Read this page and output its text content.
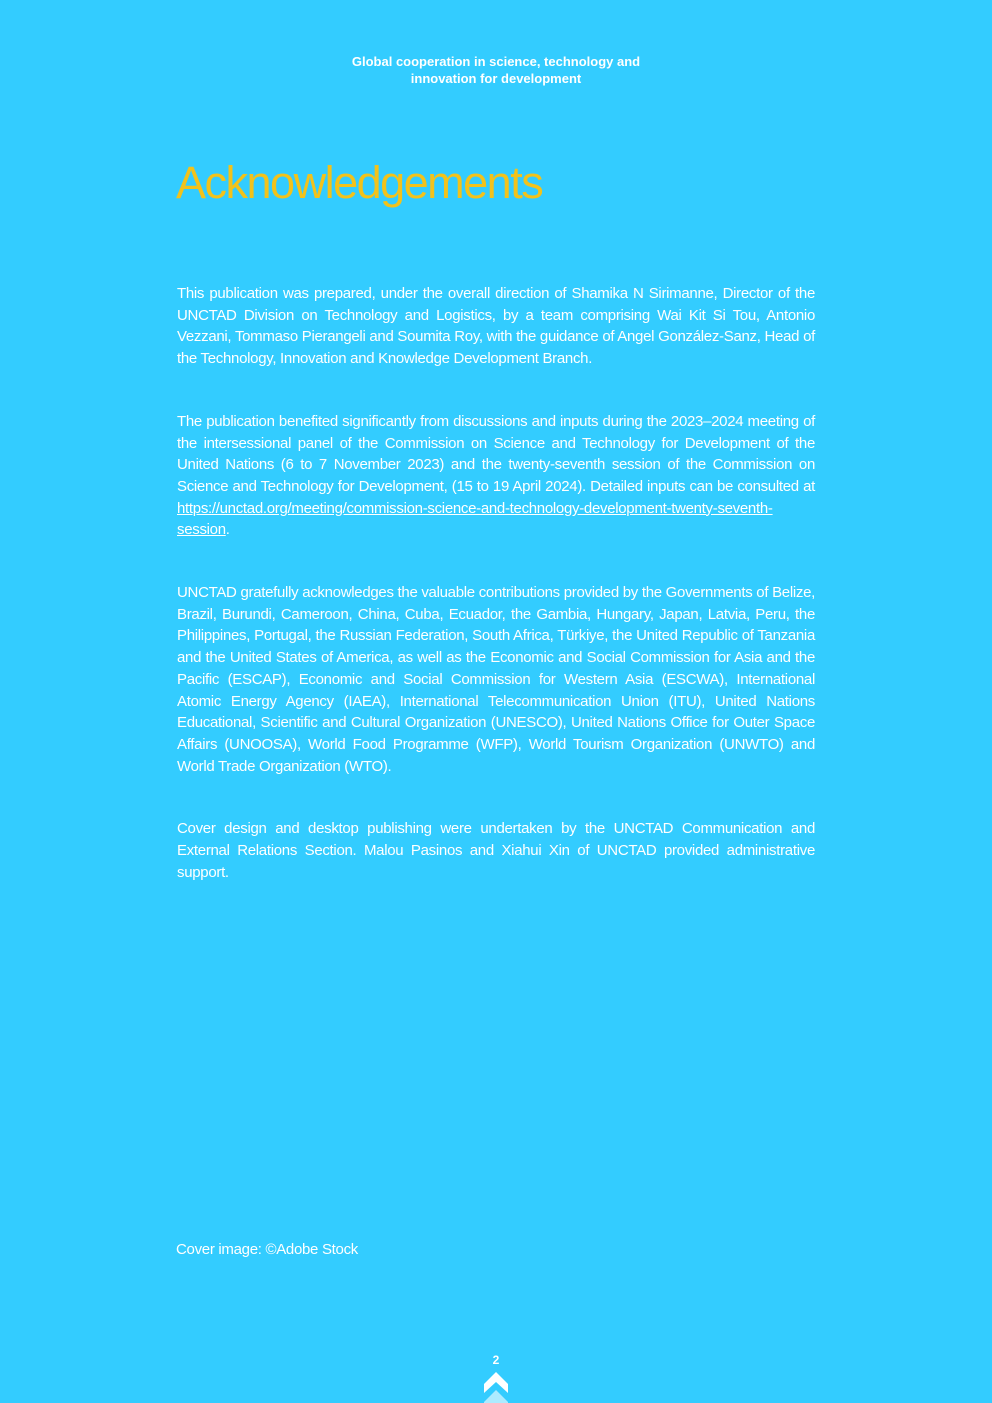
Global cooperation in science, technology and
innovation for development
Acknowledgements

This publication was prepared, under the overall direction of Shamika N Sirimanne, Director of the UNCTAD Division on Technology and Logistics, by a team comprising Wai Kit Si Tou, Antonio Vezzani, Tommaso Pierangeli and Soumita Roy, with the guidance of Angel González-Sanz, Head of the Technology, Innovation and Knowledge Development Branch.

The publication benefited significantly from discussions and inputs during the 2023–2024 meeting of the intersessional panel of the Commission on Science and Technology for Development of the United Nations (6 to 7 November 2023) and the twenty-seventh session of the Commission on Science and Technology for Development, (15 to 19 April 2024). Detailed inputs can be consulted at https://unctad.org/meeting/commission-science-and-technology-development-twenty-seventh-session.

UNCTAD gratefully acknowledges the valuable contributions provided by the Governments of Belize, Brazil, Burundi, Cameroon, China, Cuba, Ecuador, the Gambia, Hungary, Japan, Latvia, Peru, the Philippines, Portugal, the Russian Federation, South Africa, Türkiye, the United Republic of Tanzania and the United States of America, as well as the Economic and Social Commission for Asia and the Pacific (ESCAP), Economic and Social Commission for Western Asia (ESCWA), International Atomic Energy Agency (IAEA), International Telecommunication Union (ITU), United Nations Educational, Scientific and Cultural Organization (UNESCO), United Nations Office for Outer Space Affairs (UNOOSA), World Food Programme (WFP), World Tourism Organization (UNWTO) and World Trade Organization (WTO).

Cover design and desktop publishing were undertaken by the UNCTAD Communication and External Relations Section. Malou Pasinos and Xiahui Xin of UNCTAD provided administrative support.

Cover image: ©Adobe Stock
2
